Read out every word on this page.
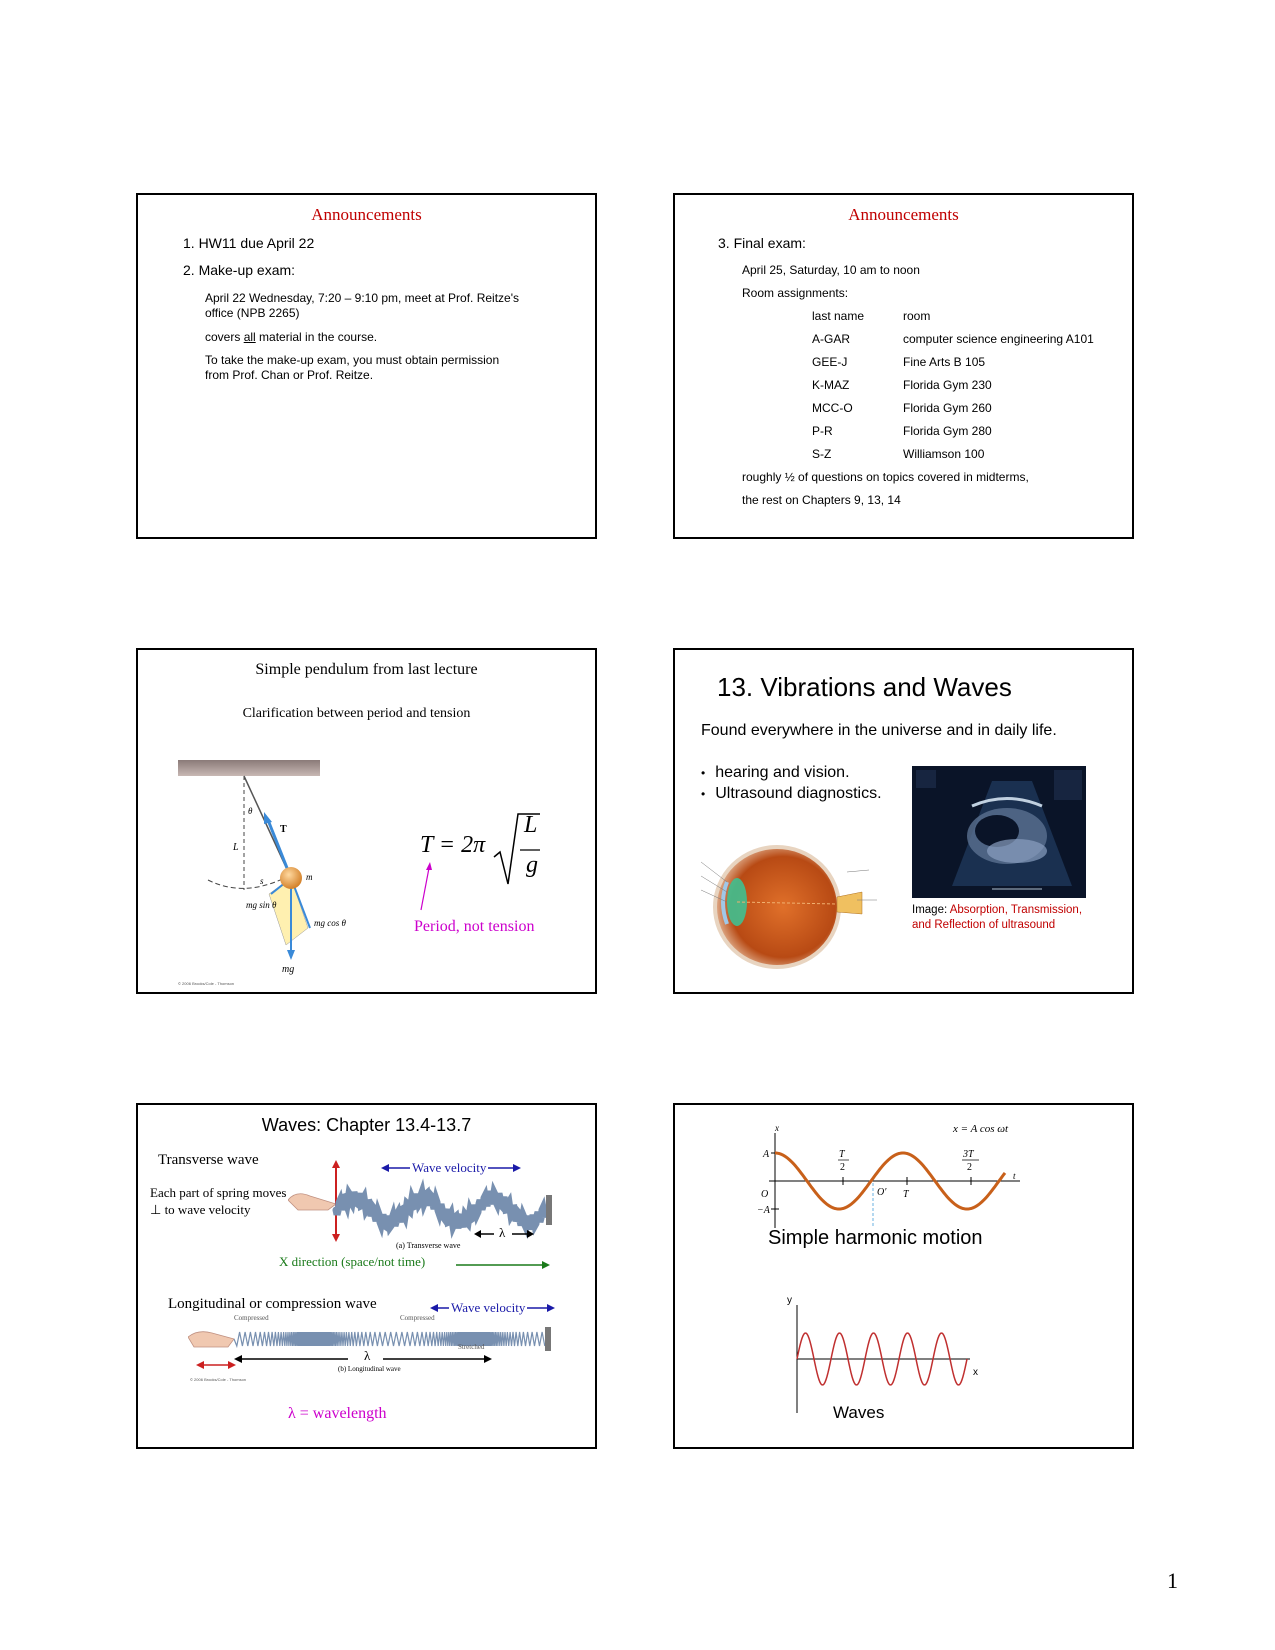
Announcements
1. HW11 due April 22
2. Make-up exam:
April 22 Wednesday, 7:20 – 9:10 pm, meet at Prof. Reitze's
office (NPB 2265)
covers all material in the course.
To take the make-up exam, you must obtain permission
from Prof. Chan or Prof. Reitze.
Announcements
3. Final exam:
April 25, Saturday, 10 am to noon
Room assignments:
last name	room
A-GAR	computer science engineering A101
GEE-J	Fine Arts B 105
K-MAZ	Florida Gym 230
MCC-O	Florida Gym 260
P-R	Florida Gym 280
S-Z	Williamson 100
roughly ½ of questions on topics covered in midterms,
the rest on Chapters 9, 13, 14
Simple pendulum from last lecture
Clarification between period and tension
θ
L
T
m
s
mg sin θ
mg cos θ
mg
© 2006 Brooks/Cole - Thomson
T = 2π
L
g
Period, not tension
13. Vibrations and Waves
Found everywhere in the universe and in daily life.
• hearing and vision.
• Ultrasound diagnostics.
Image: Absorption, Transmission,
and Reflection of ultrasound
Waves: Chapter 13.4-13.7
Transverse wave
Each part of spring moves
⊥ to wave velocity
(a) Transverse wave
Wave velocity
λ
X direction (space/not time)
Longitudinal or compression wave	Wave velocity
Compressed	Compressed
Stretched
λ
(b) Longitudinal wave
© 2006 Brooks/Cole - Thomson
λ = wavelength
x
t
A
O
−A
O′ T
T
2
3T
2
x = A cos ωt
Simple harmonic motion
y
x
Waves
1
